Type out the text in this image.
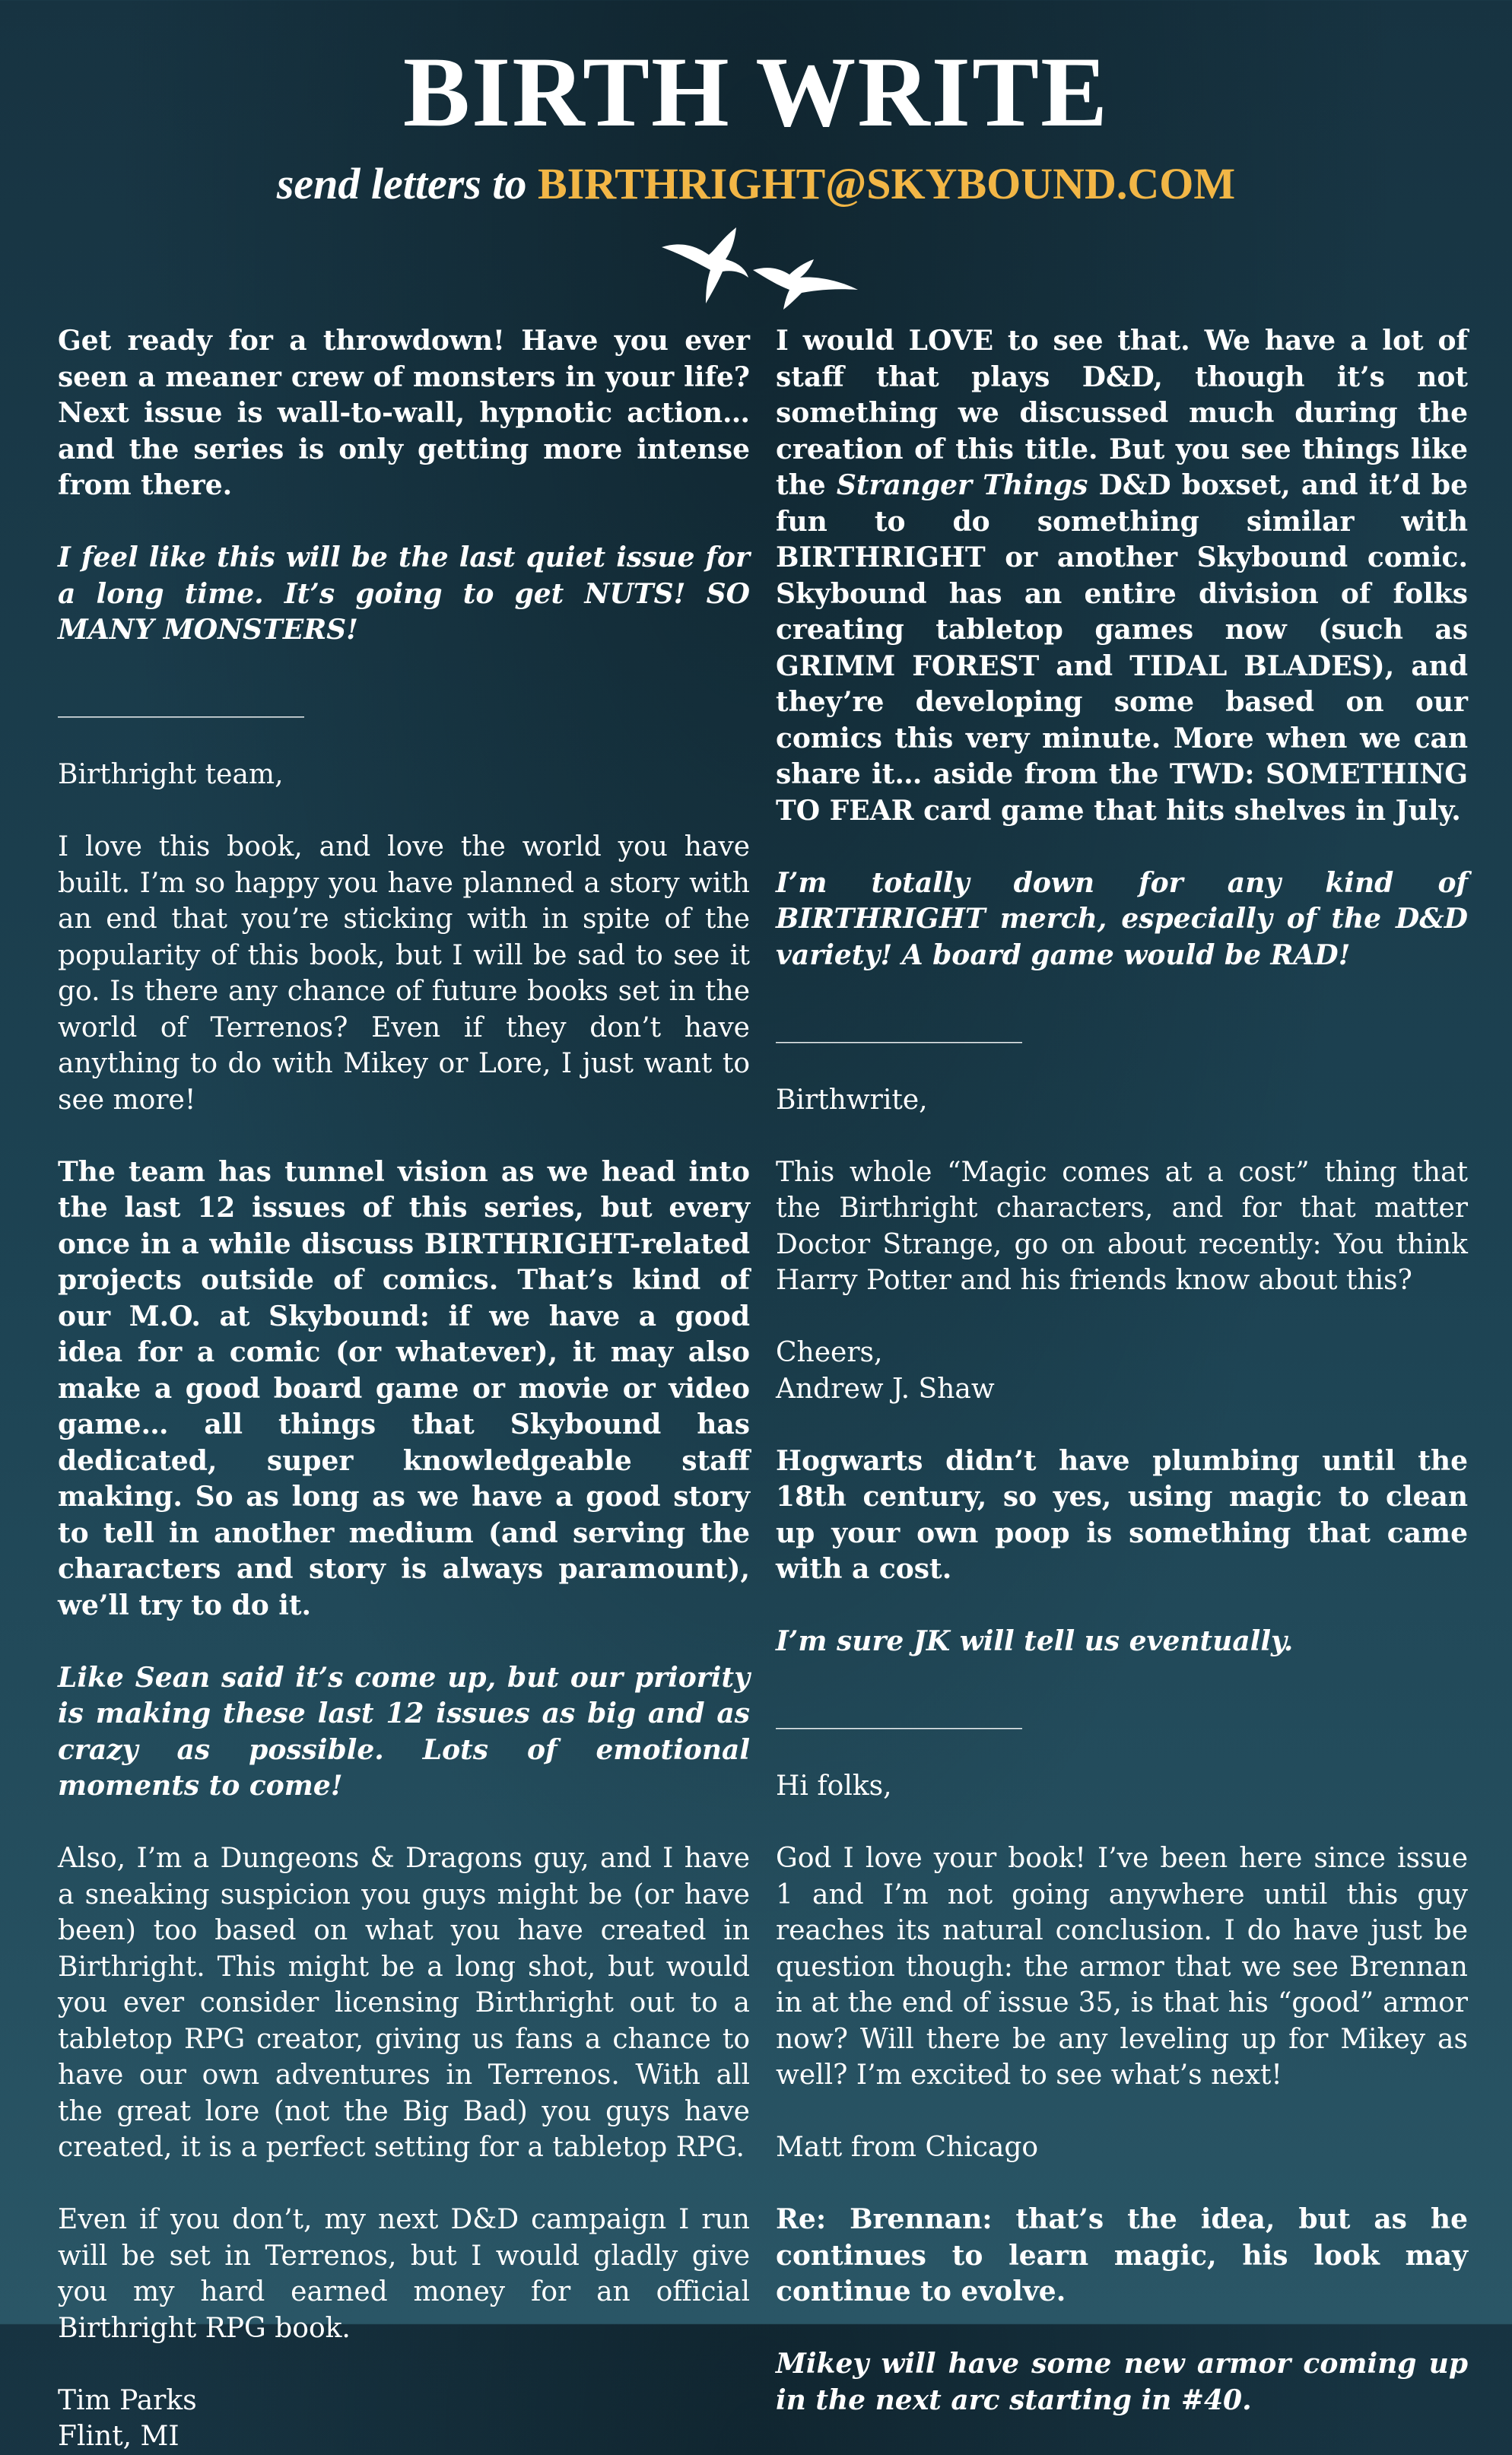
BIRTH WRITE
send letters to BIRTHRIGHT@SKYBOUND.COM

Get ready for a throwdown! Have you ever seen a meaner crew of monsters in your life? Next issue is wall-to-wall, hypnotic action…and the series is only getting more intense from there.

I feel like this will be the last quiet issue for a long time. It’s going to get NUTS! SO MANY MONSTERS!

__________________

Birthright team,

I love this book, and love the world you have built. I’m so happy you have planned a story with an end that you’re sticking with in spite of the popularity of this book, but I will be sad to see it go. Is there any chance of future books set in the world of Terrenos? Even if they don’t have anything to do with Mikey or Lore, I just want to see more!

The team has tunnel vision as we head into the last 12 issues of this series, but every once in a while discuss BIRTHRIGHT-related projects outside of comics. That’s kind of our M.O. at Skybound: if we have a good idea for a comic (or whatever), it may also make a good board game or movie or video game… all things that Skybound has dedicated, super knowledgeable staff making. So as long as we have a good story to tell in another medium (and serving the characters and story is always paramount), we’ll try to do it.

Like Sean said it’s come up, but our priority is making these last 12 issues as big and as crazy as possible. Lots of emotional moments to come!

Also, I’m a Dungeons & Dragons guy, and I have a sneaking suspicion you guys might be (or have been) too based on what you have created in Birthright. This might be a long shot, but would you ever consider licensing Birthright out to a tabletop RPG creator, giving us fans a chance to have our own adventures in Terrenos. With all the great lore (not the Big Bad) you guys have created, it is a perfect setting for a tabletop RPG.

Even if you don’t, my next D&D campaign I run will be set in Terrenos, but I would gladly give you my hard earned money for an official Birthright RPG book.

Tim Parks
Flint, MI

I would LOVE to see that. We have a lot of staff that plays D&D, though it’s not something we discussed much during the creation of this title. But you see things like the Stranger Things D&D boxset, and it’d be fun to do something similar with BIRTHRIGHT or another Skybound comic. Skybound has an entire division of folks creating tabletop games now (such as GRIMM FOREST and TIDAL BLADES), and they’re developing some based on our comics this very minute. More when we can share it… aside from the TWD: SOMETHING TO FEAR card game that hits shelves in July.

I’m totally down for any kind of BIRTHRIGHT merch, especially of the D&D variety! A board game would be RAD!

__________________

Birthwrite,

This whole “Magic comes at a cost” thing that the Birthright characters, and for that matter Doctor Strange, go on about recently: You think Harry Potter and his friends know about this?

Cheers,

Andrew J. Shaw

Hogwarts didn’t have plumbing until the 18th century, so yes, using magic to clean up your own poop is something that came with a cost.

I’m sure JK will tell us eventually.

__________________

Hi folks,

God I love your book! I’ve been here since issue 1 and I’m not going anywhere until this guy reaches its natural conclusion. I do have just be question though: the armor that we see Brennan in at the end of issue 35, is that his “good” armor now? Will there be any leveling up for Mikey as well? I’m excited to see what’s next!

Matt from Chicago

Re: Brennan: that’s the idea, but as he continues to learn magic, his look may continue to evolve.

Mikey will have some new armor coming up in the next arc starting in #40.
